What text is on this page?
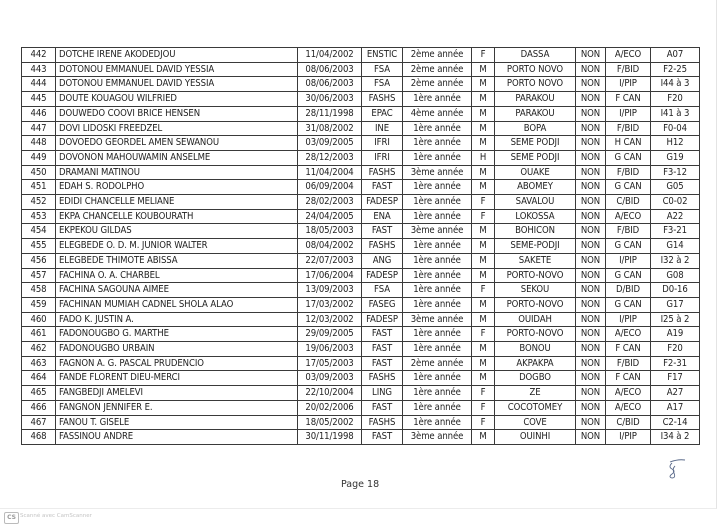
442	DOTCHE IRENE AKODEDJOU	11/04/2002	ENSTIC	2ème année	F	DASSA	NON	A/ECO	A07
443	DOTONOU EMMANUEL DAVID YESSIA	08/06/2003	FSA	2ème année	M	PORTO NOVO	NON	F/BID	F2-25
444	DOTONOU EMMANUEL DAVID YESSIA	08/06/2003	FSA	2ème année	M	PORTO NOVO	NON	I/PIP	I44 à 3
445	DOUTE KOUAGOU WILFRIED	30/06/2003	FASHS	1ère année	M	PARAKOU	NON	F CAN	F20
446	DOUWEDO COOVI BRICE HENSEN	28/11/1998	EPAC	4ème année	M	PARAKOU	NON	I/PIP	I41 à 3
447	DOVI LIDOSKI FREEDZEL	31/08/2002	INE	1ère année	M	BOPA	NON	F/BID	F0-04
448	DOVOEDO GEORDEL AMEN SEWANOU	03/09/2005	IFRI	1ère année	M	SEME PODJI	NON	H CAN	H12
449	DOVONON MAHOUWAMIN ANSELME	28/12/2003	IFRI	1ère année	H	SEME PODJI	NON	G CAN	G19
450	DRAMANI MATINOU	11/04/2004	FASHS	3ème année	M	OUAKE	NON	F/BID	F3-12
451	EDAH S. RODOLPHO	06/09/2004	FAST	1ère année	M	ABOMEY	NON	G CAN	G05
452	EDIDI CHANCELLE MELIANE	28/02/2003	FADESP	1ère année	F	SAVALOU	NON	C/BID	C0-02
453	EKPA CHANCELLE KOUBOURATH	24/04/2005	ENA	1ère année	F	LOKOSSA	NON	A/ECO	A22
454	EKPEKOU GILDAS	18/05/2003	FAST	3ème année	M	BOHICON	NON	F/BID	F3-21
455	ELEGBEDE O. D. M. JUNIOR WALTER	08/04/2002	FASHS	1ère année	M	SEME-PODJI	NON	G CAN	G14
456	ELEGBEDE THIMOTE ABISSA	22/07/2003	ANG	1ère année	M	SAKETE	NON	I/PIP	I32 à 2
457	FACHINA O. A. CHARBEL	17/06/2004	FADESP	1ère année	M	PORTO-NOVO	NON	G CAN	G08
458	FACHINA SAGOUNA AIMEE	13/09/2003	FSA	1ère année	F	SEKOU	NON	D/BID	D0-16
459	FACHINAN MUMIAH CADNEL SHOLA ALAO	17/03/2002	FASEG	1ère année	M	PORTO-NOVO	NON	G CAN	G17
460	FADO K. JUSTIN A.	12/03/2002	FADESP	3ème année	M	OUIDAH	NON	I/PIP	I25 à 2
461	FADONOUGBO G. MARTHE	29/09/2005	FAST	1ère année	F	PORTO-NOVO	NON	A/ECO	A19
462	FADONOUGBO URBAIN	19/06/2003	FAST	1ère année	M	BONOU	NON	F CAN	F20
463	FAGNON A. G. PASCAL PRUDENCIO	17/05/2003	FAST	2ème année	M	AKPAKPA	NON	F/BID	F2-31
464	FANDE FLORENT DIEU-MERCI	03/09/2003	FASHS	1ère année	M	DOGBO	NON	F CAN	F17
465	FANGBEDJI AMELEVI	22/10/2004	LING	1ère année	F	ZE	NON	A/ECO	A27
466	FANGNON JENNIFER E.	20/02/2006	FAST	1ère année	F	COCOTOMEY	NON	A/ECO	A17
467	FANOU T. GISELE	18/05/2002	FASHS	1ère année	F	COVE	NON	C/BID	C2-14
468	FASSINOU ANDRE	30/11/1998	FAST	3ème année	M	OUINHI	NON	I/PIP	I34 à 2
Page 18
CS Scanné avec CamScanner
